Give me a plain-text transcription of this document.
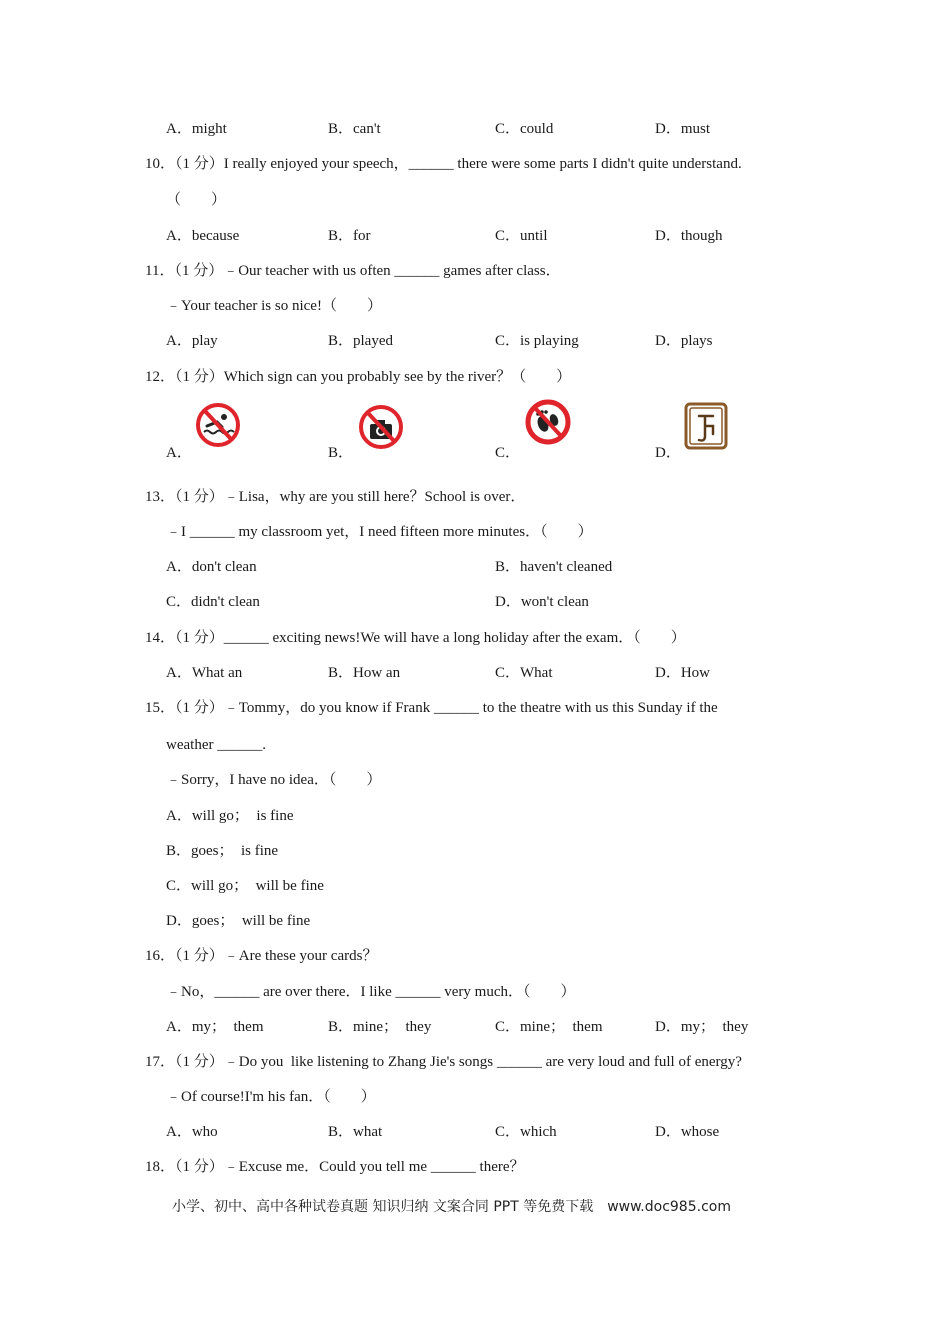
A．might	B．can't	C．could	D．must
10．（1 分）I really enjoyed your speech，______ there were some parts I didn't quite understand.
（　　）
A．because	B．for	C．until	D．though
11．（1 分）﹣Our teacher with us often ______ games after class．
﹣Your teacher is so nice!（　　）
A．play	B．played	C．is playing	D．plays
12．（1 分）Which sign can you probably see by the river？（　　）
A．	B．	C．	D．
13．（1 分）﹣Lisa，why are you still here？School is over．
﹣I ______ my classroom yet，I need fifteen more minutes．（　　）
A．don't clean	B．haven't cleaned
C．didn't clean	D．won't clean
14．（1 分）______ exciting news!We will have a long holiday after the exam．（　　）
A．What an	B．How an	C．What	D．How
15．（1 分）﹣Tommy，do you know if Frank ______ to the theatre with us this Sunday if the
weather ______.
﹣Sorry，I have no idea．（　　）
A．will go；　is fine
B．goes；　is fine
C．will go；　will be fine
D．goes；　will be fine
16．（1 分）﹣Are these your cards？
﹣No，______ are over there．I like ______ very much．（　　）
A．my；　them	B．mine；　they	C．mine；　them	D．my；　they
17．（1 分）﹣Do you  like listening to Zhang Jie's songs ______ are very loud and full of energy?
﹣Of course!I'm his fan．（　　）
A．who	B．what	C．which	D．whose
18．（1 分）﹣Excuse me．Could you tell me ______ there？
小学、初中、高中各种试卷真题 知识归纳 文案合同 PPT 等免费下载　www.doc985.com
